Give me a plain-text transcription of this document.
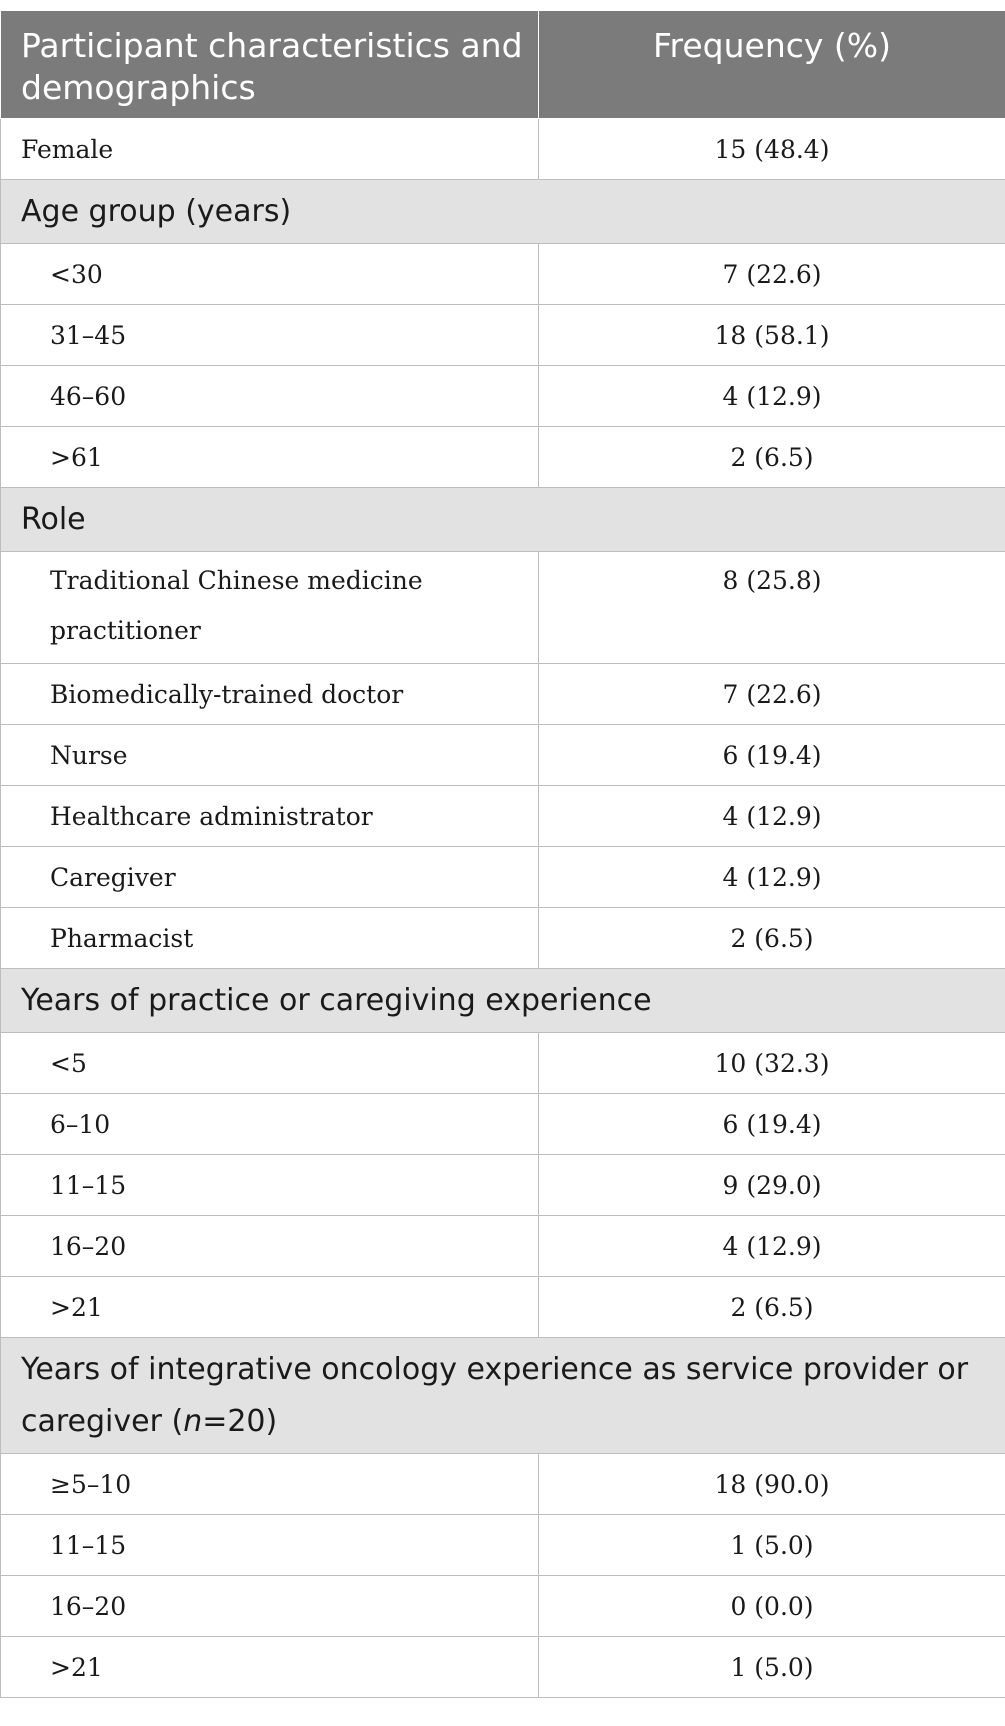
Participant characteristics and demographics	Frequency (%)
Female	15 (48.4)
Age group (years)	
<30	7 (22.6)
31–45	18 (58.1)
46–60	4 (12.9)
>61	2 (6.5)
Role	
Traditional Chinese medicine practitioner	8 (25.8)
Biomedically-trained doctor	7 (22.6)
Nurse	6 (19.4)
Healthcare administrator	4 (12.9)
Caregiver	4 (12.9)
Pharmacist	2 (6.5)
Years of practice or caregiving experience	
<5	10 (32.3)
6–10	6 (19.4)
11–15	9 (29.0)
16–20	4 (12.9)
>21	2 (6.5)
Years of integrative oncology experience as service provider or caregiver (n=20)	
≥5–10	18 (90.0)
11–15	1 (5.0)
16–20	0 (0.0)
>21	1 (5.0)
